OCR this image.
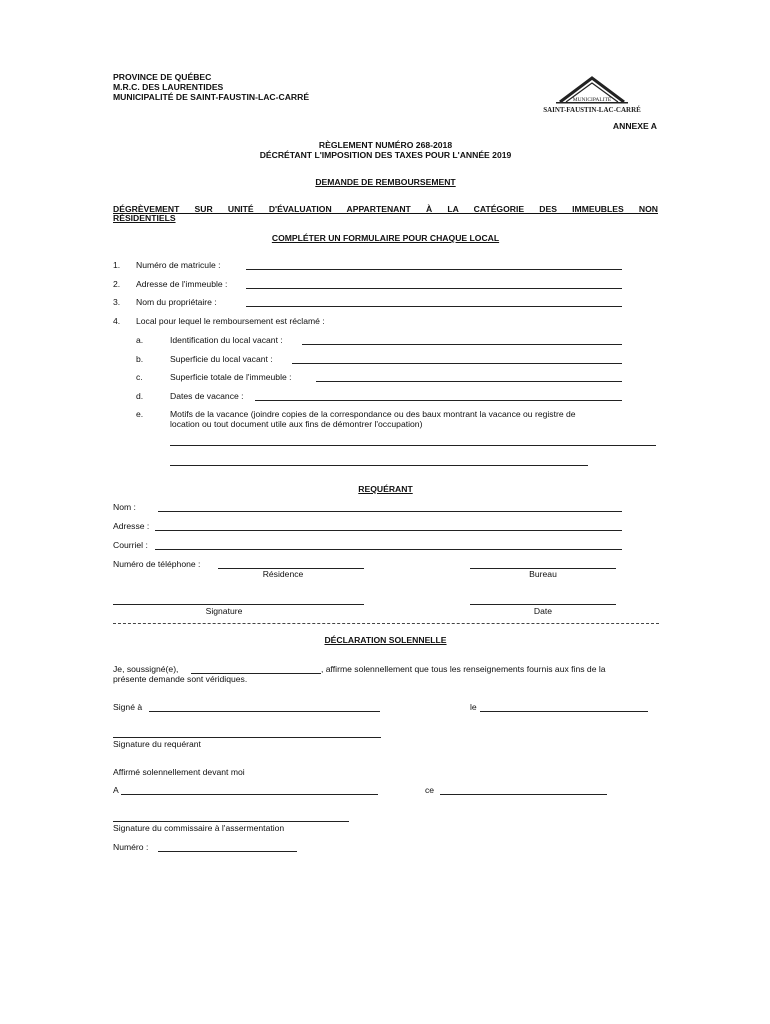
PROVINCE DE QUÉBEC
M.R.C. DES LAURENTIDES
MUNICIPALITÉ DE SAINT-FAUSTIN-LAC-CARRÉ	MUNICIPALITÉ
SAINT-FAUSTIN-LAC-CARRÉ
ANNEXE A
RÈGLEMENT NUMÉRO 268-2018
DÉCRÉTANT L'IMPOSITION DES TAXES POUR L'ANNÉE 2019
DEMANDE DE REMBOURSEMENT
DÉGRÈVEMENT SUR UNITÉ D'ÉVALUATION APPARTENANT À LA CATÉGORIE DES IMMEUBLES NON
RÉSIDENTIELS
COMPLÉTER UN FORMULAIRE POUR CHAQUE LOCAL
1. Numéro de matricule :
2. Adresse de l'immeuble :
3. Nom du propriétaire :
4. Local pour lequel le remboursement est réclamé :
a.	Identification du local vacant :
b.	Superficie du local vacant :
c.	Superficie totale de l'immeuble :
d.	Dates de vacance :
e.	Motifs de la vacance (joindre copies de la correspondance ou des baux montrant la vacance ou registre de
location ou tout document utile aux fins de démontrer l'occupation)
REQUÉRANT
Nom :
Adresse :
Courriel :
Numéro de téléphone :
Résidence	Bureau
Signature	Date
DÉCLARATION SOLENNELLE
Je, soussigné(e),	, affirme solennellement que tous les renseignements fournis aux fins de la
présente demande sont véridiques.
Signé à	le
Signature du requérant
Affirmé solennellement devant moi
A	ce
Signature du commissaire à l'assermentation
Numéro :
